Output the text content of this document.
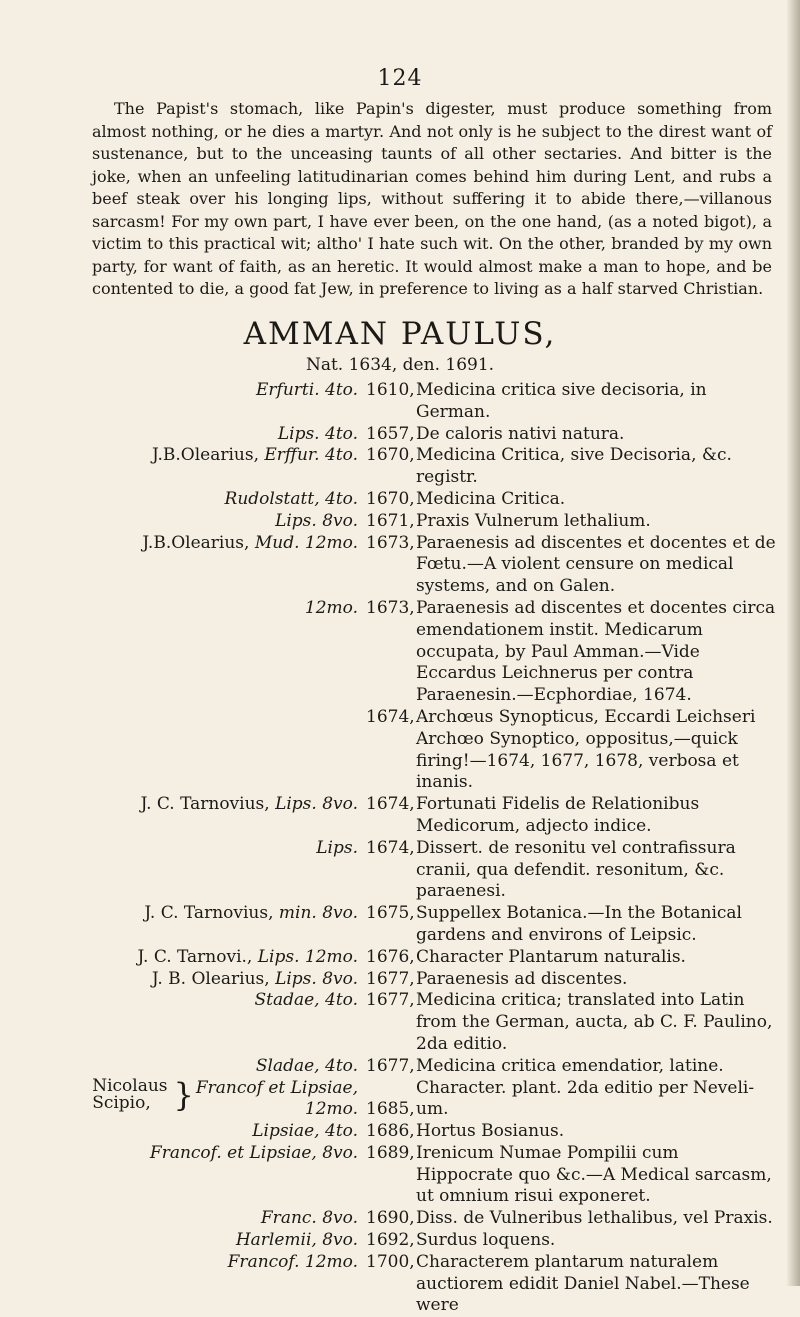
124

The Papist's stomach, like Papin's digester, must produce something from almost nothing, or he dies a martyr. And not only is he subject to the direst want of sustenance, but to the unceasing taunts of all other sectaries. And bitter is the joke, when an unfeeling latitudinarian comes behind him during Lent, and rubs a beef steak over his longing lips, without suffering it to abide there,—villanous sarcasm! For my own part, I have ever been, on the one hand, (as a noted bigot), a victim to this practical wit; altho' I hate such wit. On the other, branded by my own party, for want of faith, as an heretic. It would almost make a man to hope, and be contented to die, a good fat Jew, in preference to living as a half starved Christian.

AMMAN PAULUS,
Nat. 1634, den. 1691.
Erfurti. 4to. 1610, Medicina critica sive decisoria, in German.
Lips. 4to. 1657, De caloris nativi natura.
J.B.Olearius, Erffur. 4to. 1670, Medicina Critica, sive Decisoria, &c. registr.
Rudolstatt, 4to. 1670, Medicina Critica.
Lips. 8vo. 1671, Praxis Vulnerum lethalium.
J.B.Olearius, Mud. 12mo. 1673, Paraenesis ad discentes et docentes et de Fœtu.—A violent censure on medical systems, and on Galen.
12mo. 1673, Paraenesis ad discentes et docentes circa emendationem instit. Medicarum occupata, by Paul Amman.—Vide Eccardus Leichnerus per contra Paraenesin.—Ecphordiae, 1674.
1674, Archœus Synopticus, Eccardi Leichseri Archœo Synoptico, oppositus,—quick firing!—1674, 1677, 1678, verbosa et inanis.
J. C. Tarnovius, Lips. 8vo. 1674, Fortunati Fidelis de Relationibus Medicorum, adjecto indice.
Lips. 1674, Dissert. de resonitu vel contrafissura cranii, qua defendit. resonitum, &c. paraenesi.
J. C. Tarnovius, min. 8vo. 1675, Suppellex Botanica.—In the Botanical gardens and environs of Leipsic.
J. C. Tarnovi., Lips. 12mo. 1676, Character Plantarum naturalis.
J. B. Olearius, Lips. 8vo. 1677, Paraenesis ad discentes.
Stadae, 4to. 1677, Medicina critica; translated into Latin from the German, aucta, ab C. F. Paulino, 2da editio.
Sladae, 4to. 1677, Medicina critica emendatior, latine.
Nicolaus
Scipio, } Francof et Lipsiae,
12mo. 1685,
Character. plant. 2da editio per Neveli-um.
Lipsiae, 4to. 1686, Hortus Bosianus.
Francof. et Lipsiae, 8vo. 1689, Irenicum Numae Pompilii cum Hippocrate quo &c.—A Medical sarcasm, ut omnium risui exponeret.
Franc. 8vo. 1690, Diss. de Vulneribus lethalibus, vel Praxis.
Harlemii, 8vo. 1692, Surdus loquens.
Francof. 12mo. 1700, Characterem plantarum naturalem auctiorem edidit Daniel Nabel.—These were
